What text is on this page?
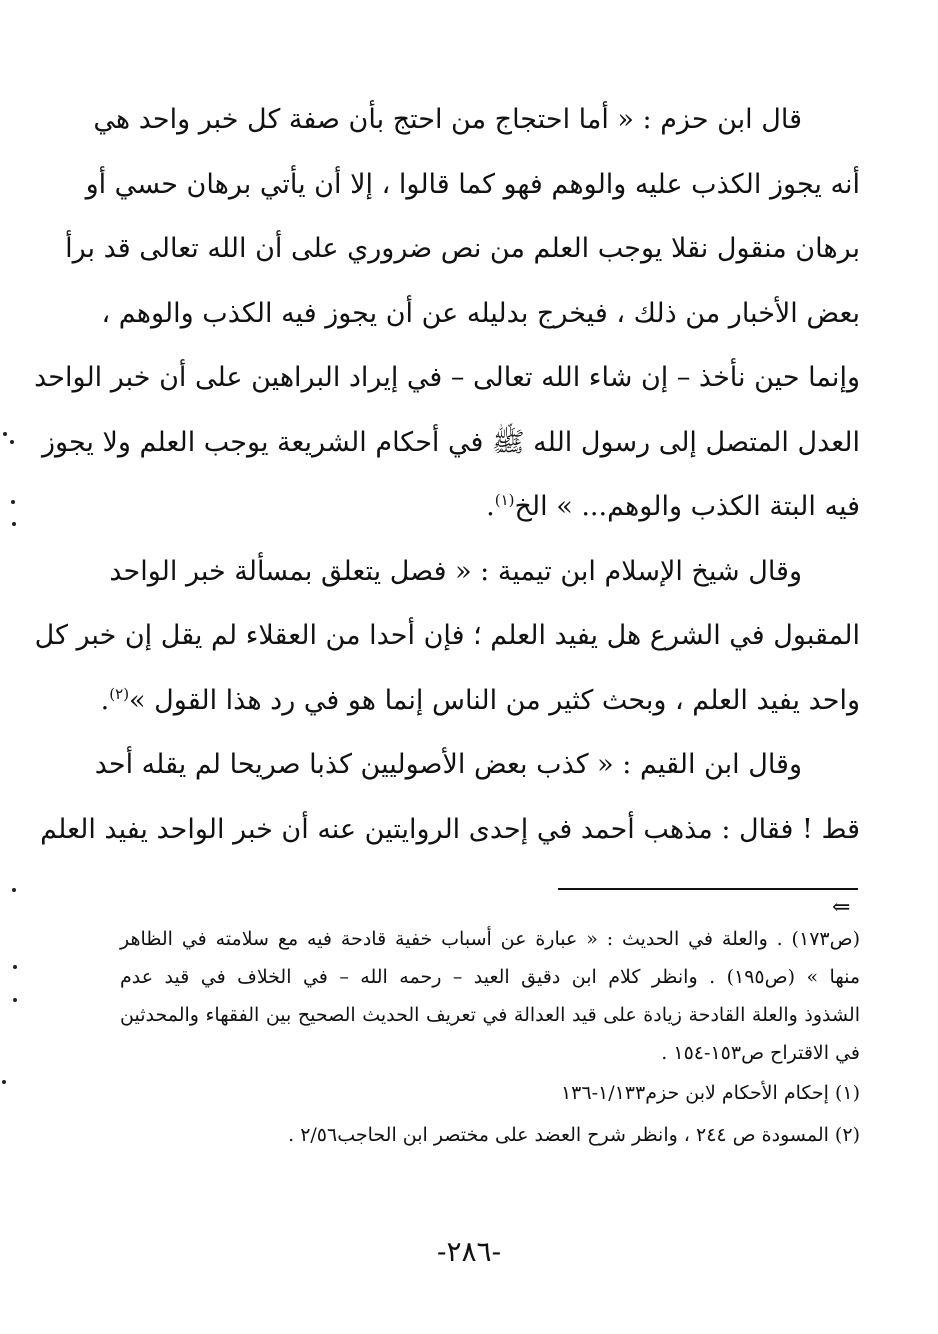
قال ابن حزم : « أما احتجاج من احتج بأن صفة كل خبر واحد هي
أنه يجوز الكذب عليه والوهم فهو كما قالوا ، إلا أن يأتي برهان حسي أو
برهان منقول نقلا يوجب العلم من نص ضروري على أن الله تعالى قد برأ
بعض الأخبار من ذلك ، فيخرج بدليله عن أن يجوز فيه الكذب والوهم ،
وإنما حين نأخذ – إن شاء الله تعالى – في إيراد البراهين على أن خبر الواحد
العدل المتصل إلى رسول الله ﷺ في أحكام الشريعة يوجب العلم ولا يجوز
فيه البتة الكذب والوهم... » الخ$^{(١)}$.
وقال شيخ الإسلام ابن تيمية : « فصل يتعلق بمسألة خبر الواحد
المقبول في الشرع هل يفيد العلم ؛ فإن أحدا من العقلاء لم يقل إن خبر كل
واحد يفيد العلم ، وبحث كثير من الناس إنما هو في رد هذا القول »$^{(٢)}$.
وقال ابن القيم : « كذب بعض الأصوليين كذبا صريحا لم يقله أحد
قط ! فقال : مذهب أحمد في إحدى الروايتين عنه أن خبر الواحد يفيد العلم
⇐
(ص١٧٣) . والعلة في الحديث : « عبارة عن أسباب خفية قادحة فيه مع سلامته في الظاهر
منها » (ص١٩٥) . وانظر كلام ابن دقيق العيد – رحمه الله – في الخلاف في قيد عدم
الشذوذ والعلة القادحة زيادة على قيد العدالة في تعريف الحديث الصحيح بين الفقهاء والمحدثين
في الاقتراح ص١٥٣-١٥٤ .
(١) إحكام الأحكام لابن حزم١/١٣٣-١٣٦
(٢) المسودة ص ٢٤٤ ، وانظر شرح العضد على مختصر ابن الحاجب٢/٥٦ .
-٢٨٦-
